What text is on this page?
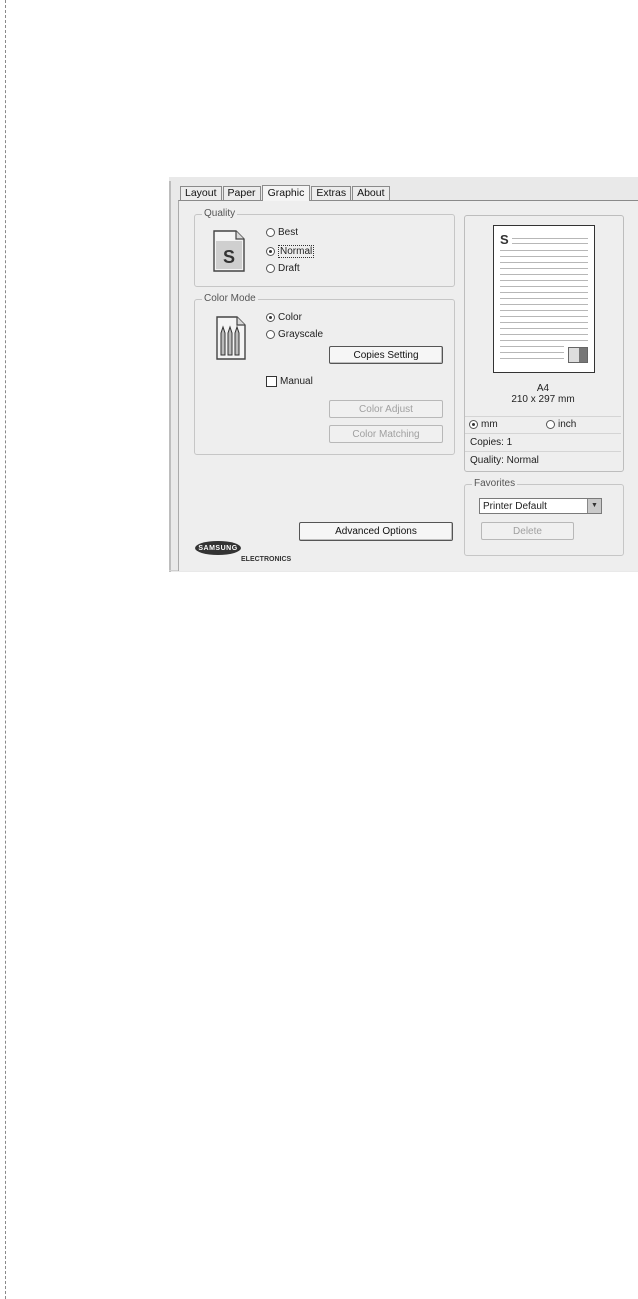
Layout	Paper	Graphic	Extras	About
Quality
S
Best
Normal
Draft
Color Mode
Color
Grayscale
Copies Setting
Manual
Color Adjust
Color Matching
Advanced Options
S
A4
210 x 297 mm
mm	inch
Copies: 1
Quality: Normal
Favorites
Printer Default	▼
Delete
SAMSUNG
ELECTRONICS
